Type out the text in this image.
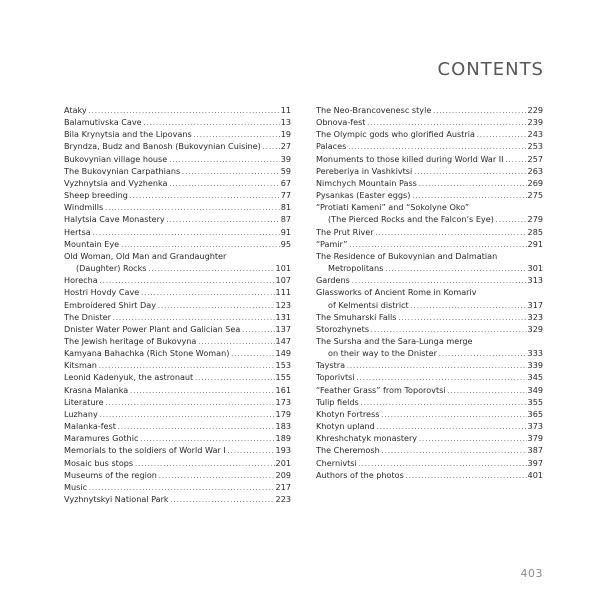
CONTENTS
Ataky . . .	11
Balamutivska Cave . . .	13
Bila Krynytsia and the Lipovans . . .	19
Bryndza, Budz and Banosh (Bukovynian Cuisine) . . .	27
Bukovynian village house . . .	39
The Bukovynian Carpathians . . .	59
Vyzhnytsia and Vyzhenka . . .	67
Sheep breeding . . .	77
Windmills . . .	81
Halytsia Cave Monastery . . .	87
Hertsa . . .	91
Mountain Eye . . .	95
Old Woman, Old Man and Grandaughter
(Daughter) Rocks . . .	101
Horecha . . .	107
Hostri Hovdy Cave . . .	111
Embroidered Shirt Day . . .	123
The Dnister . . .	131
Dnister Water Power Plant and Galician Sea . . .	137
The Jewish heritage of Bukovyna . . .	147
Kamyana Bahachka (Rich Stone Woman) . . .	149
Kitsman . . .	153
Leonid Kadenyuk, the astronaut . . .	155
Krasna Malanka . . .	161
Literature . . .	173
Luzhany . . .	179
Malanka-fest . . .	183
Maramures Gothic . . .	189
Memorials to the soldiers of World War I . . .	193
Mosaic bus stops . . .	201
Museums of the region . . .	209
Music . . .	217
Vyzhnytskyi National Park . . .	223
The Neo-Brancovenesc style . . .	229
Obnova-fest . . .	239
The Olympic gods who glorified Austria . . .	243
Palaces . . .	253
Monuments to those killed during World War II . . .	257
Pereberiya in Vashkivtsi . . .	263
Nimchych Mountain Pass . . .	269
Pysankas (Easter eggs) . . .	275
“Protiati Kameni” and “Sokolyne Oko”
(The Pierced Rocks and the Falcon’s Eye) . . .	279
The Prut River . . .	285
“Pamir” . . .	291
The Residence of Bukovynian and Dalmatian
Metropolitans . . .	301
Gardens . . .	313
Glassworks of Ancient Rome in Komariv
of Kelmentsi district . . .	317
The Smuharski Falls . . .	323
Storozhynets . . .	329
The Sursha and the Sara-Lunga merge
on their way to the Dnister . . .	333
Taystra . . .	339
Toporivtsi . . .	345
“Feather Grass” from Toporovtsi . . .	349
Tulip fields . . .	355
Khotyn Fortress . . .	365
Khotyn upland . . .	373
Khreshchatyk monastery . . .	379
The Cheremosh . . .	387
Chernivtsi . . .	397
Authors of the photos . . .	401
403
